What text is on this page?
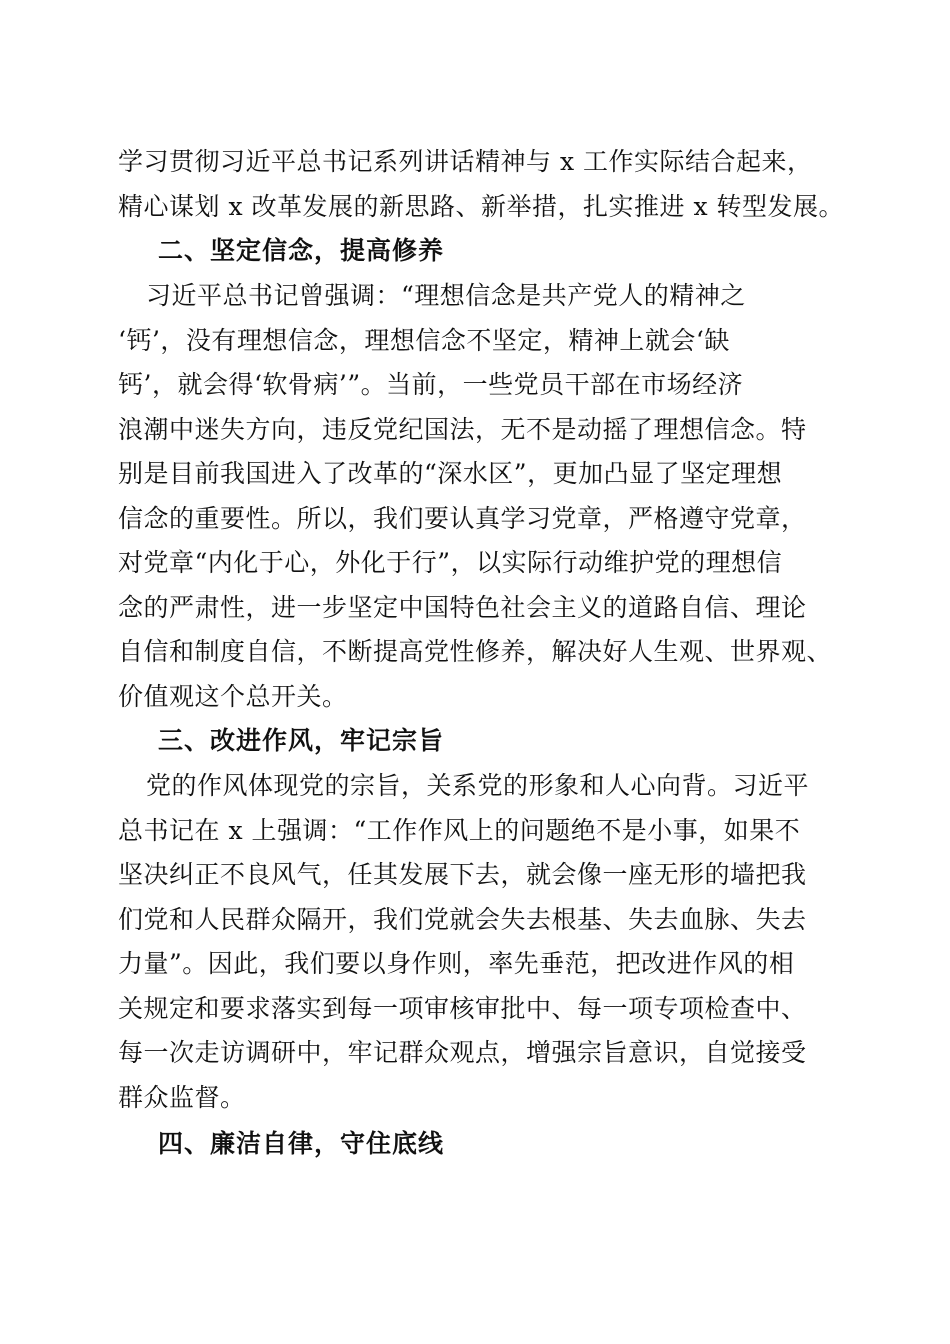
学习贯彻习近平总书记系列讲话精神与 x 工作实际结合起来，
精心谋划 x 改革发展的新思路、新举措，扎实推进 x 转型发展。
二、坚定信念，提高修养
习近平总书记曾强调：“理想信念是共产党人的精神之
‘钙’，没有理想信念，理想信念不坚定，精神上就会‘缺
钙’，就会得‘软骨病’”。当前，一些党员干部在市场经济
浪潮中迷失方向，违反党纪国法，无不是动摇了理想信念。特
别是目前我国进入了改革的“深水区”，更加凸显了坚定理想
信念的重要性。所以，我们要认真学习党章，严格遵守党章，
对党章“内化于心，外化于行”，以实际行动维护党的理想信
念的严肃性，进一步坚定中国特色社会主义的道路自信、理论
自信和制度自信，不断提高党性修养，解决好人生观、世界观、
价值观这个总开关。
三、改进作风，牢记宗旨
党的作风体现党的宗旨，关系党的形象和人心向背。习近平
总书记在 x 上强调：“工作作风上的问题绝不是小事，如果不
坚决纠正不良风气，任其发展下去，就会像一座无形的墙把我
们党和人民群众隔开，我们党就会失去根基、失去血脉、失去
力量”。因此，我们要以身作则，率先垂范，把改进作风的相
关规定和要求落实到每一项审核审批中、每一项专项检查中、
每一次走访调研中，牢记群众观点，增强宗旨意识，自觉接受
群众监督。
四、廉洁自律，守住底线
